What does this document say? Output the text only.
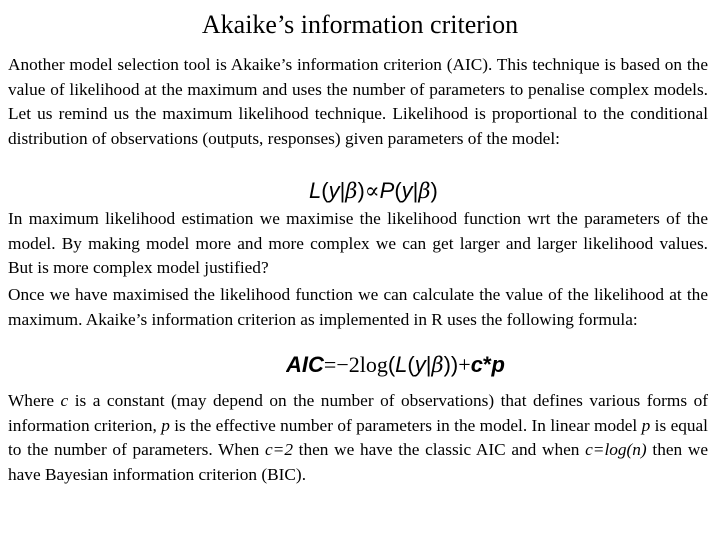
Akaike’s information criterion
Another model selection tool is Akaike’s information criterion (AIC). This technique is based on the value of likelihood at the maximum and uses the number of parameters to penalise complex models. Let us remind us the maximum likelihood technique. Likelihood is proportional to the conditional distribution of observations (outputs, responses) given parameters of the model:
L(y|β)∝P(y|β)
In maximum likelihood estimation we maximise the likelihood function wrt the parameters of the model. By making model more and more complex we can get larger and larger likelihood values. But is more complex model justified?
Once we have maximised the likelihood function we can calculate the value of the likelihood at the maximum. Akaike’s information criterion as implemented in R uses the following formula:
AIC=−2log(L(y|^ β))+c*p
Where c is a constant (may depend on the number of observations) that defines various forms of information criterion, p is the effective number of parameters in the model. In linear model p is equal to the number of parameters. When c=2 then we have the classic AIC and when c=log(n) then we have Bayesian information criterion (BIC).
